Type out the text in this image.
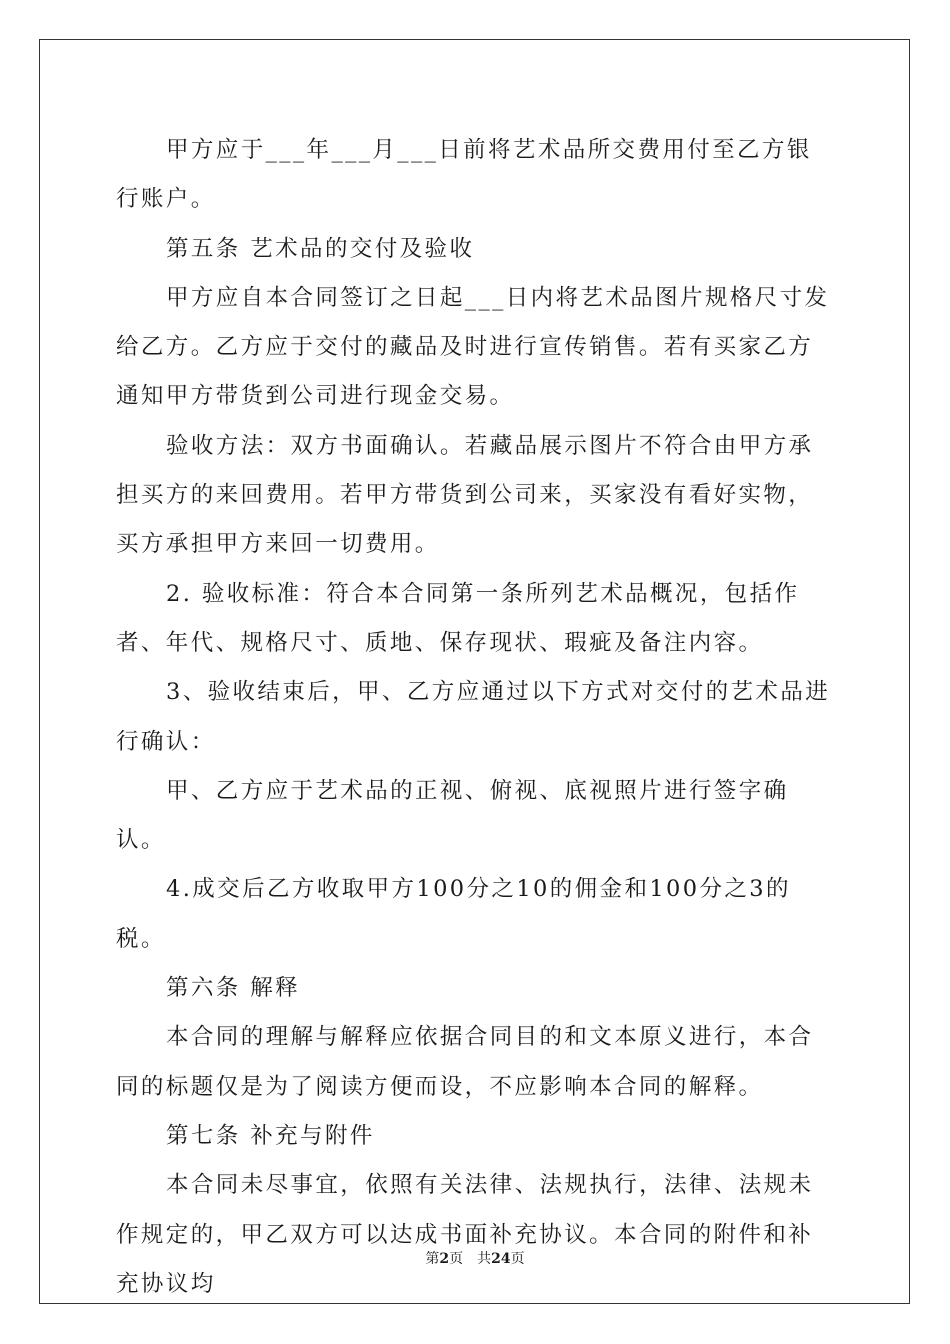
甲方应于___年___月___日前将艺术品所交费用付至乙方银行账户。

第五条 艺术品的交付及验收

甲方应自本合同签订之日起___日内将艺术品图片规格尺寸发给乙方。乙方应于交付的藏品及时进行宣传销售。若有买家乙方通知甲方带货到公司进行现金交易。

验收方法：双方书面确认。若藏品展示图片不符合由甲方承担买方的来回费用。若甲方带货到公司来，买家没有看好实物，买方承担甲方来回一切费用。

2. 验收标准：符合本合同第一条所列艺术品概况，包括作者、年代、规格尺寸、质地、保存现状、瑕疵及备注内容。

3、验收结束后，甲、乙方应通过以下方式对交付的艺术品进行确认：

甲、乙方应于艺术品的正视、俯视、底视照片进行签字确认。

4.成交后乙方收取甲方100分之10的佣金和100分之3的税。

第六条 解释

本合同的理解与解释应依据合同目的和文本原义进行，本合同的标题仅是为了阅读方便而设，不应影响本合同的解释。

第七条 补充与附件

本合同未尽事宜，依照有关法律、法规执行，法律、法规未作规定的，甲乙双方可以达成书面补充协议。本合同的附件和补充协议均

第2页 共24页
